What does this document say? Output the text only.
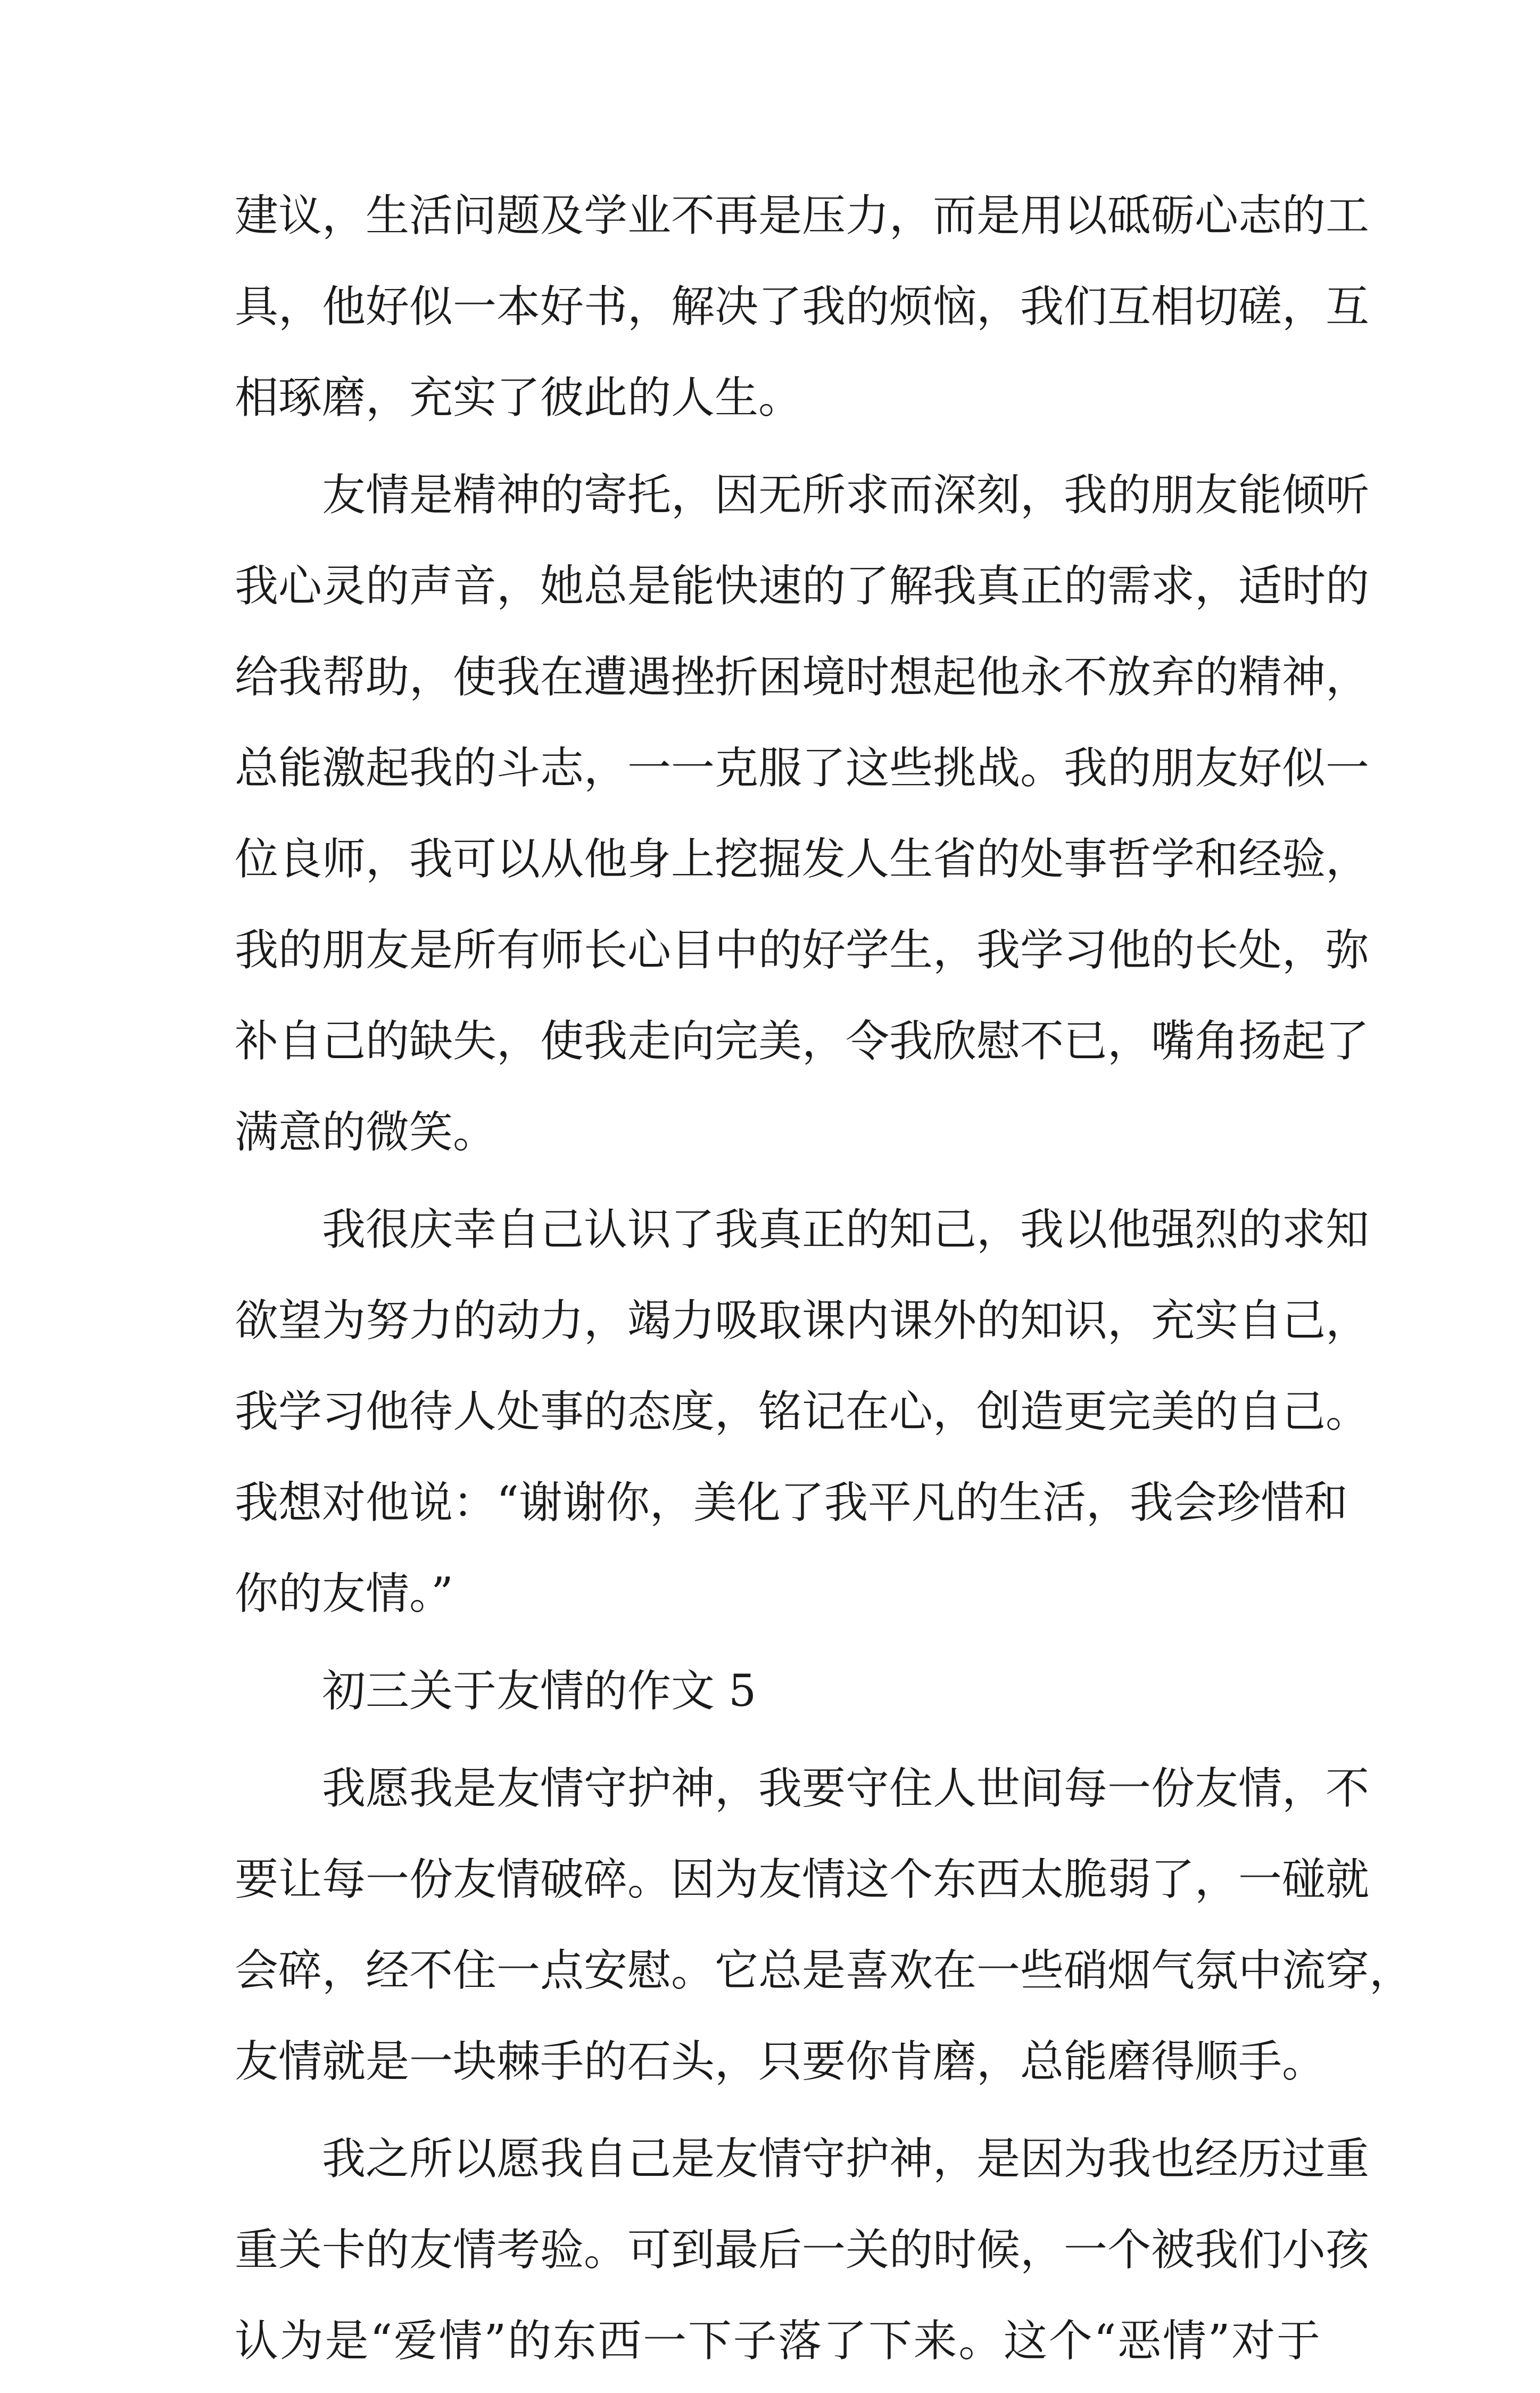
建议，生活问题及学业不再是压力，而是用以砥砺心志的工
具，他好似一本好书，解决了我的烦恼，我们互相切磋，互
相琢磨，充实了彼此的人生。
友情是精神的寄托，因无所求而深刻，我的朋友能倾听
我心灵的声音，她总是能快速的了解我真正的需求，适时的
给我帮助，使我在遭遇挫折困境时想起他永不放弃的精神，
总能激起我的斗志，一一克服了这些挑战。我的朋友好似一
位良师，我可以从他身上挖掘发人生省的处事哲学和经验，
我的朋友是所有师长心目中的好学生，我学习他的长处，弥
补自己的缺失，使我走向完美，令我欣慰不已，嘴角扬起了
满意的微笑。
我很庆幸自己认识了我真正的知己，我以他强烈的求知
欲望为努力的动力，竭力吸取课内课外的知识，充实自己，
我学习他待人处事的态度，铭记在心，创造更完美的自己。
我想对他说：“谢谢你，美化了我平凡的生活，我会珍惜和
你的友情。”
初三关于友情的作文 5
我愿我是友情守护神，我要守住人世间每一份友情，不
要让每一份友情破碎。因为友情这个东西太脆弱了，一碰就
会碎，经不住一点安慰。它总是喜欢在一些硝烟气氛中流穿，
友情就是一块棘手的石头，只要你肯磨，总能磨得顺手。
我之所以愿我自己是友情守护神，是因为我也经历过重
重关卡的友情考验。可到最后一关的时候，一个被我们小孩
认为是“爱情”的东西一下子落了下来。这个“恶情”对于
